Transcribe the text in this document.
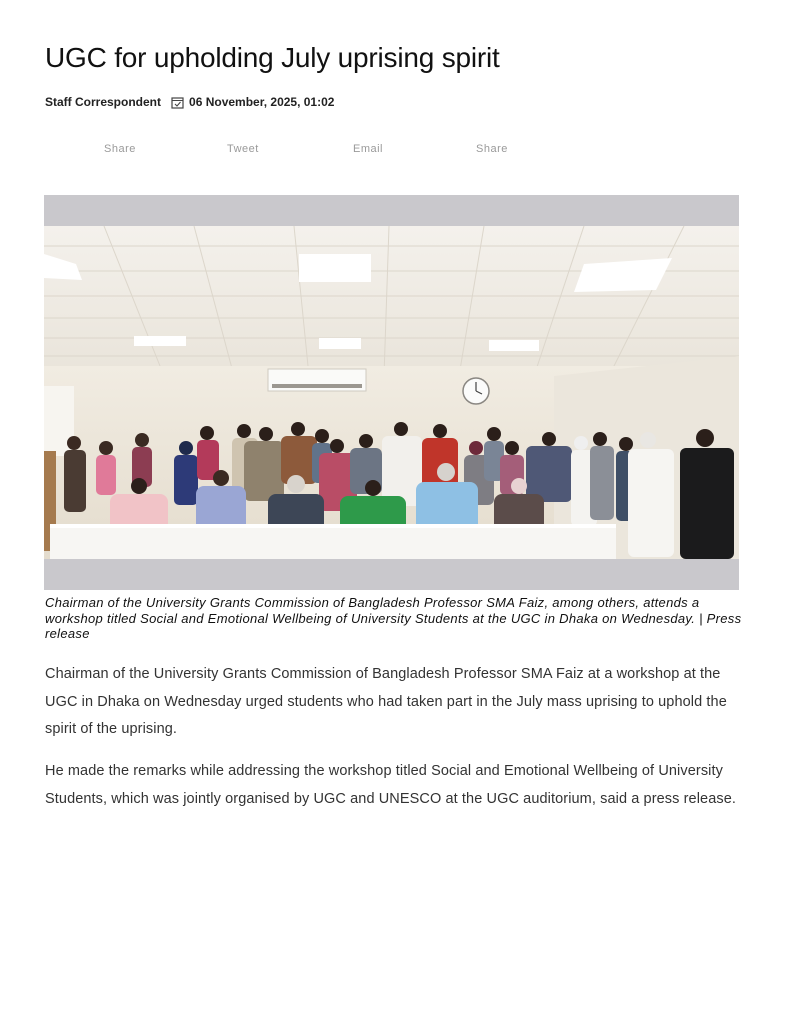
UGC for upholding July uprising spirit
Staff Correspondent 06 November, 2025, 01:02
Share	Tweet	Email	Share

Chairman of the University Grants Commission of Bangladesh Professor SMA Faiz, among others, attends a workshop titled Social and Emotional Wellbeing of University Students at the UGC in Dhaka on Wednesday. | Press release

Chairman of the University Grants Commission of Bangladesh Professor SMA Faiz at a workshop at the UGC in Dhaka on Wednesday urged students who had taken part in the July mass uprising to uphold the spirit of the uprising.

He made the remarks while addressing the workshop titled Social and Emotional Wellbeing of University Students, which was jointly organised by UGC and UNESCO at the UGC auditorium, said a press release.
